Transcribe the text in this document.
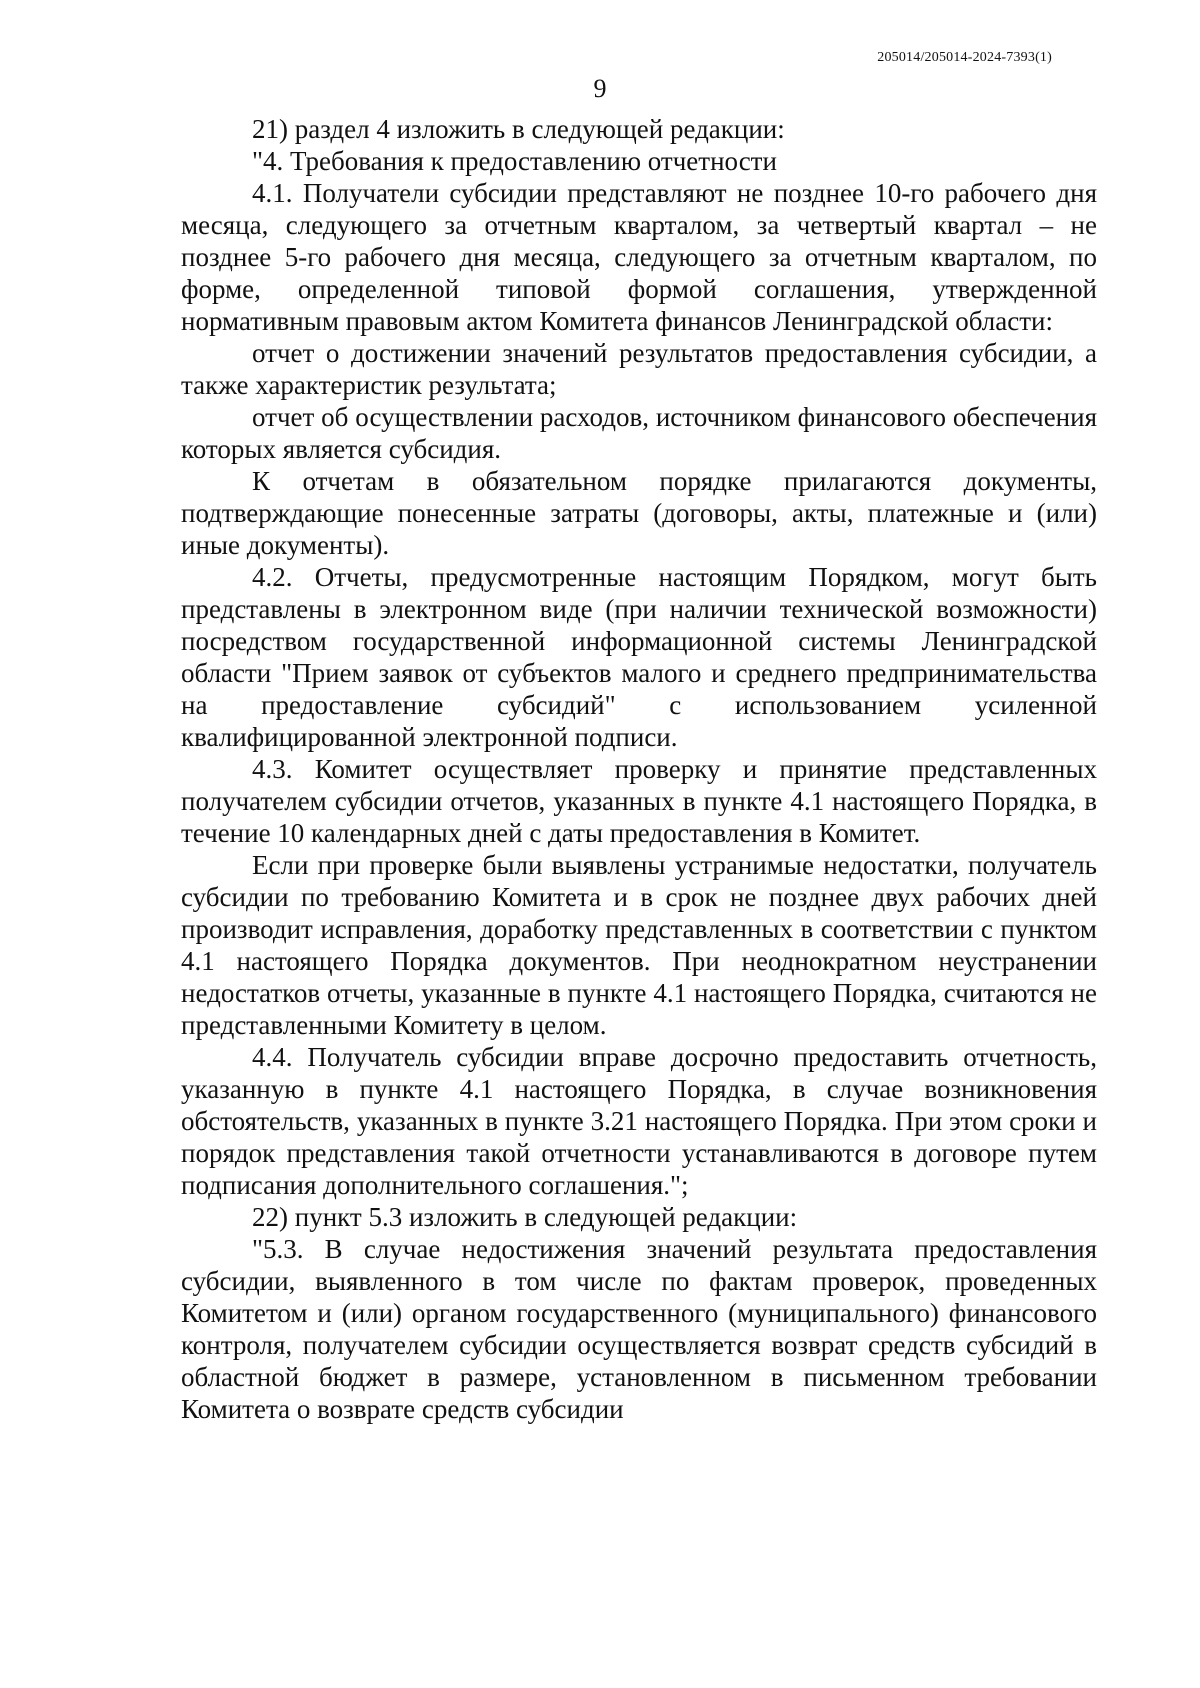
205014/205014-2024-7393(1)
9

21) раздел 4 изложить в следующей редакции:

"4. Требования к предоставлению отчетности

4.1. Получатели субсидии представляют не позднее 10-го рабочего дня месяца, следующего за отчетным кварталом, за четвертый квартал – не позднее 5-го рабочего дня месяца, следующего за отчетным кварталом, по форме, определенной типовой формой соглашения, утвержденной нормативным правовым актом Комитета финансов Ленинградской области:

отчет о достижении значений результатов предоставления субсидии, а также характеристик результата;

отчет об осуществлении расходов, источником финансового обеспечения которых является субсидия.

К отчетам в обязательном порядке прилагаются документы, подтверждающие понесенные затраты (договоры, акты, платежные и (или) иные документы).

4.2. Отчеты, предусмотренные настоящим Порядком, могут быть представлены в электронном виде (при наличии технической возможности) посредством государственной информационной системы Ленинградской области "Прием заявок от субъектов малого и среднего предпринимательства на предоставление субсидий" с использованием усиленной квалифицированной электронной подписи.

4.3. Комитет осуществляет проверку и принятие представленных получателем субсидии отчетов, указанных в пункте 4.1 настоящего Порядка, в течение 10 календарных дней с даты предоставления в Комитет.

Если при проверке были выявлены устранимые недостатки, получатель субсидии по требованию Комитета и в срок не позднее двух рабочих дней производит исправления, доработку представленных в соответствии с пунктом 4.1 настоящего Порядка документов. При неоднократном неустранении недостатков отчеты, указанные в пункте 4.1 настоящего Порядка, считаются не представленными Комитету в целом.

4.4. Получатель субсидии вправе досрочно предоставить отчетность, указанную в пункте 4.1 настоящего Порядка, в случае возникновения обстоятельств, указанных в пункте 3.21 настоящего Порядка. При этом сроки и порядок представления такой отчетности устанавливаются в договоре путем подписания дополнительного соглашения.";

22) пункт 5.3 изложить в следующей редакции:

"5.3. В случае недостижения значений результата предоставления субсидии, выявленного в том числе по фактам проверок, проведенных Комитетом и (или) органом государственного (муниципального) финансового контроля, получателем субсидии осуществляется возврат средств субсидий в областной бюджет в размере, установленном в письменном требовании Комитета о возврате средств субсидии
